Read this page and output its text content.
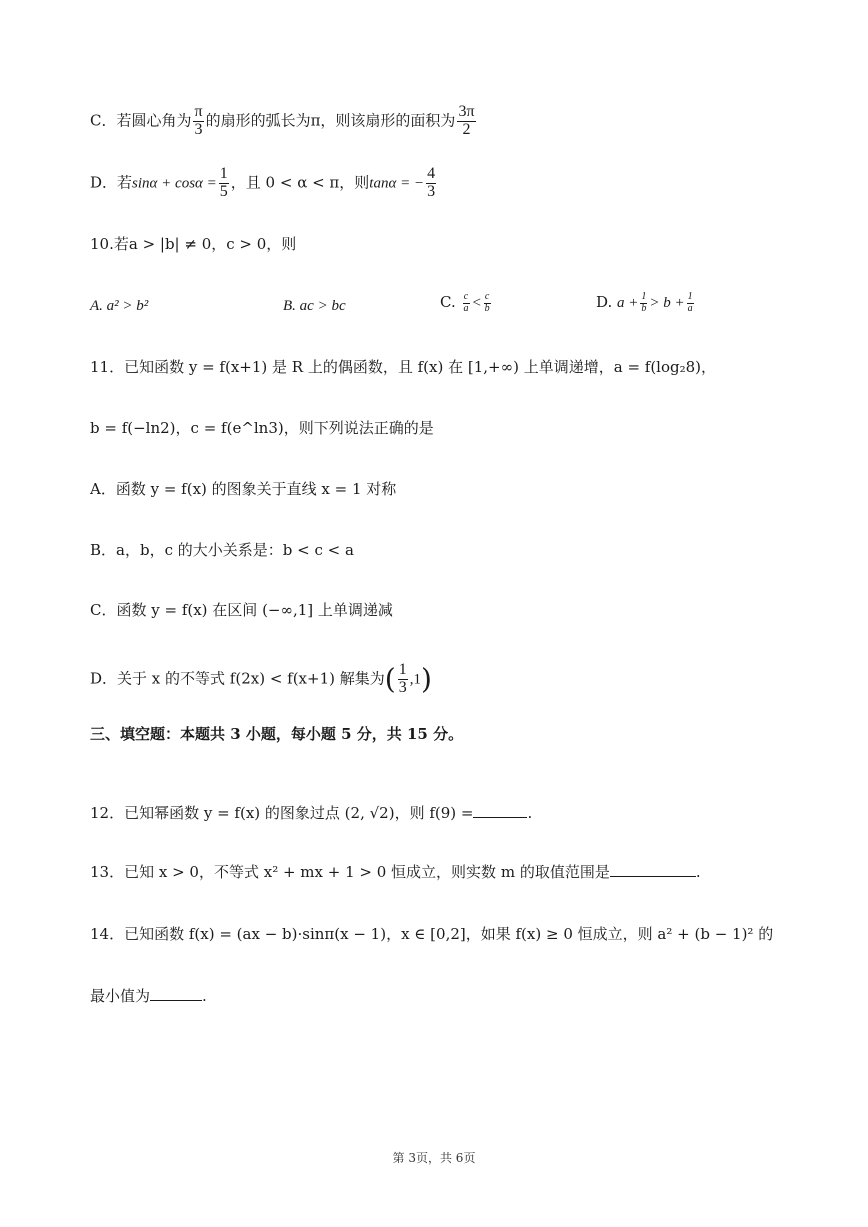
C．若圆心角为 $\frac{\pi}{3}$ 的扇形的弧长为π，则该扇形的面积为 $\frac{3\pi}{2}$
D．若$\sin\alpha + \cos\alpha = \frac{1}{5}$ ，且 0 < α < π，则tanα = − $\frac{4}{3}$
10.若a > |b| ≠ 0，c > 0，则
A. a² > b²	B. ac > bc	C. $\frac{c}{a} < \frac{c}{b}$	D. $a + \frac{1}{b} > b + \frac{1}{a}$
11．已知函数 y = f(x+1) 是 R 上的偶函数，且 f(x) 在 [1,+∞) 上单调递增，a = f(log₂8)，
b = f(−ln2)，c = f(e^ln3)，则下列说法正确的是
A．函数 y = f(x) 的图象关于直线 x = 1 对称
B．a，b，c 的大小关系是：b < c < a
C．函数 y = f(x) 在区间 (−∞,1] 上单调递减
D．关于 x 的不等式 f(2x) < f(x+1) 解集为( $\frac{1}{3} ,1$)
三、填空题：本题共 3 小题，每小题 5 分，共 15 分。
12．已知幂函数 y = f(x) 的图象过点 (2, √2)，则 f(9) =	.
13．已知 x > 0，不等式 x² + mx + 1 > 0 恒成立，则实数 m 的取值范围是	.
14．已知函数 f(x) = (ax − b)·sinπ(x − 1)，x ∈ [0,2]，如果 f(x) ≥ 0 恒成立，则 a² + (b − 1)² 的
最小值为	.
第 3页，共 6页
